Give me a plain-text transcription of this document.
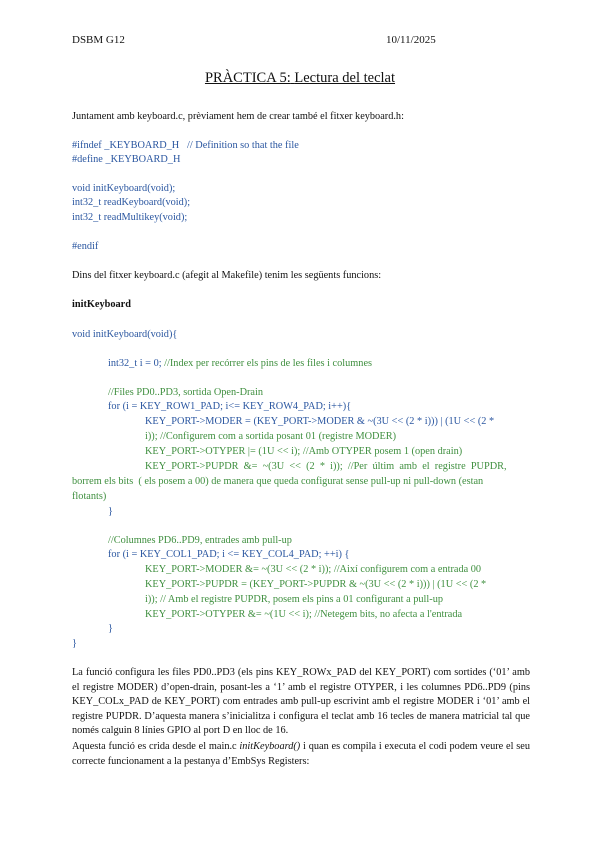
DSBM G12	10/11/2025
PRÀCTICA 5: Lectura del teclat
Juntament amb keyboard.c, prèviament hem de crear també el fitxer keyboard.h:
#ifndef _KEYBOARD_H   // Definition so that the file
#define _KEYBOARD_H
void initKeyboard(void);
int32_t readKeyboard(void);
int32_t readMultikey(void);
#endif
Dins del fitxer keyboard.c (afegit al Makefile) tenim les següents funcions:
initKeyboard
void initKeyboard(void){
int32_t i = 0; //Index per recórrer els pins de les files i columnes
//Files PD0..PD3, sortida Open-Drain
for (i = KEY_ROW1_PAD; i<= KEY_ROW4_PAD; i++){
KEY_PORT->MODER = (KEY_PORT->MODER & ~(3U << (2 * i))) | (1U << (2 *
i)); //Configurem com a sortida posant 01 (registre MODER)
KEY_PORT->OTYPER |= (1U << i); //Amb OTYPER posem 1 (open drain)
KEY_PORT->PUPDR  &=  ~(3U  <<  (2  *  i));  //Per  últim  amb  el  registre  PUPDR,
borrem els bits  ( els posem a 00) de manera que queda configurat sense pull-up ni pull-down (estan
flotants)
}
//Columnes PD6..PD9, entrades amb pull-up
for (i = KEY_COL1_PAD; i <= KEY_COL4_PAD; ++i) {
KEY_PORT->MODER &= ~(3U << (2 * i)); //Així configurem com a entrada 00
KEY_PORT->PUPDR = (KEY_PORT->PUPDR & ~(3U << (2 * i))) | (1U << (2 *
i)); // Amb el registre PUPDR, posem els pins a 01 configurant a pull-up
KEY_PORT->OTYPER &= ~(1U << i); //Netegem bits, no afecta a l'entrada
}
}
La funció configura les files PD0..PD3 (els pins KEY_ROWx_PAD del KEY_PORT) com sortides (‘01’ amb el registre MODER) d’open-drain, posant-les a ‘1’ amb el registre OTYPER, i les columnes PD6..PD9 (pins KEY_COLx_PAD de KEY_PORT) com entrades amb pull-up escrivint amb el registre MODER i ‘01’ amb el registre PUPDR. D’aquesta manera s’inicialitza i configura el teclat amb 16 tecles de manera matricial tal que només calguin 8 línies GPIO al port D en lloc de 16.
Aquesta funció es crida desde el main.c initKeyboard() i quan es compila i executa el codi podem veure el seu correcte funcionament a la pestanya d’EmbSys Registers:
